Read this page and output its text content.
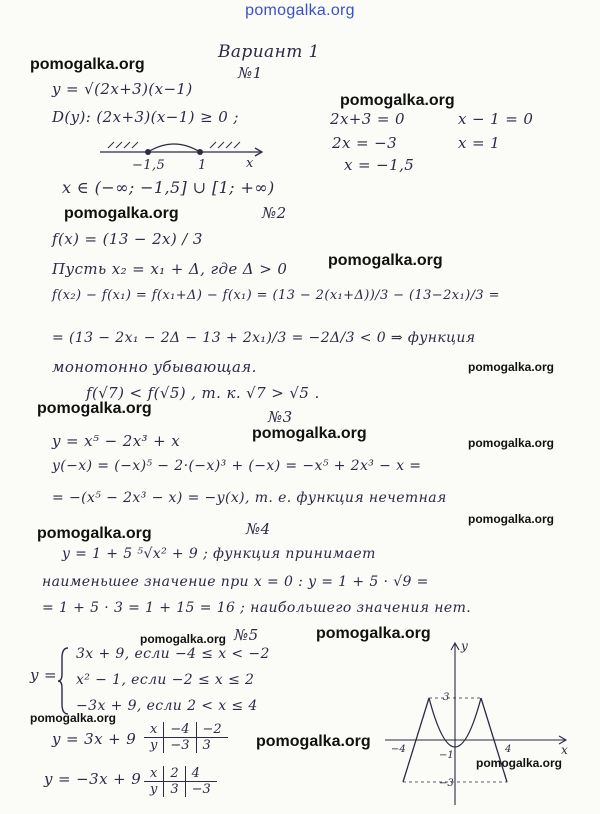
pomogalka.org
pomogalka.org
pomogalka.org
pomogalka.org
pomogalka.org
pomogalka.org
pomogalka.org
pomogalka.org
pomogalka.org
pomogalka.org
pomogalka.org
pomogalka.org
pomogalka.org
pomogalka.org
pomogalka.org
pomogalka.org
Вариант 1
№1
y = √(2x+3)(x−1)
D(y): (2x+3)(x−1) ≥ 0 ;	2x+3 = 0
2x = −3
x = −1,5
x − 1 = 0
x = 1
−1,5	1	x
x ∈ (−∞; −1,5] ∪ [1; +∞)
№2
f(x) = (13 − 2x) / 3
Пусть x₂ = x₁ + Δ, где Δ > 0
f(x₂) − f(x₁) = f(x₁+Δ) − f(x₁) = (13 − 2(x₁+Δ))/3 − (13−2x₁)/3 =
= (13 − 2x₁ − 2Δ − 13 + 2x₁)/3 = −2Δ/3 < 0 ⇒ функция
монотонно убывающая.
f(√7) < f(√5) , т. к. √7 > √5 .
№3
y = x⁵ − 2x³ + x
y(−x) = (−x)⁵ − 2·(−x)³ + (−x) = −x⁵ + 2x³ − x =
= −(x⁵ − 2x³ − x) = −y(x), т. е. функция нечетная
№4
y = 1 + 5 ⁵√x² + 9 ; функция принимает
наименьшее значение при x = 0 : y = 1 + 5 · √9 =
= 1 + 5 · 3 = 1 + 15 = 16 ; наибольшего значения нет.
№5
y =
3x + 9, если −4 ≤ x < −2
x² − 1, если −2 ≤ x ≤ 2
−3x + 9, если 2 < x ≤ 4
y = 3x + 9
x	−4	−2
y	−3	3
y = −3x + 9 x	2	4
y	3	−3
x
y
−4	4
3
−1
−3
